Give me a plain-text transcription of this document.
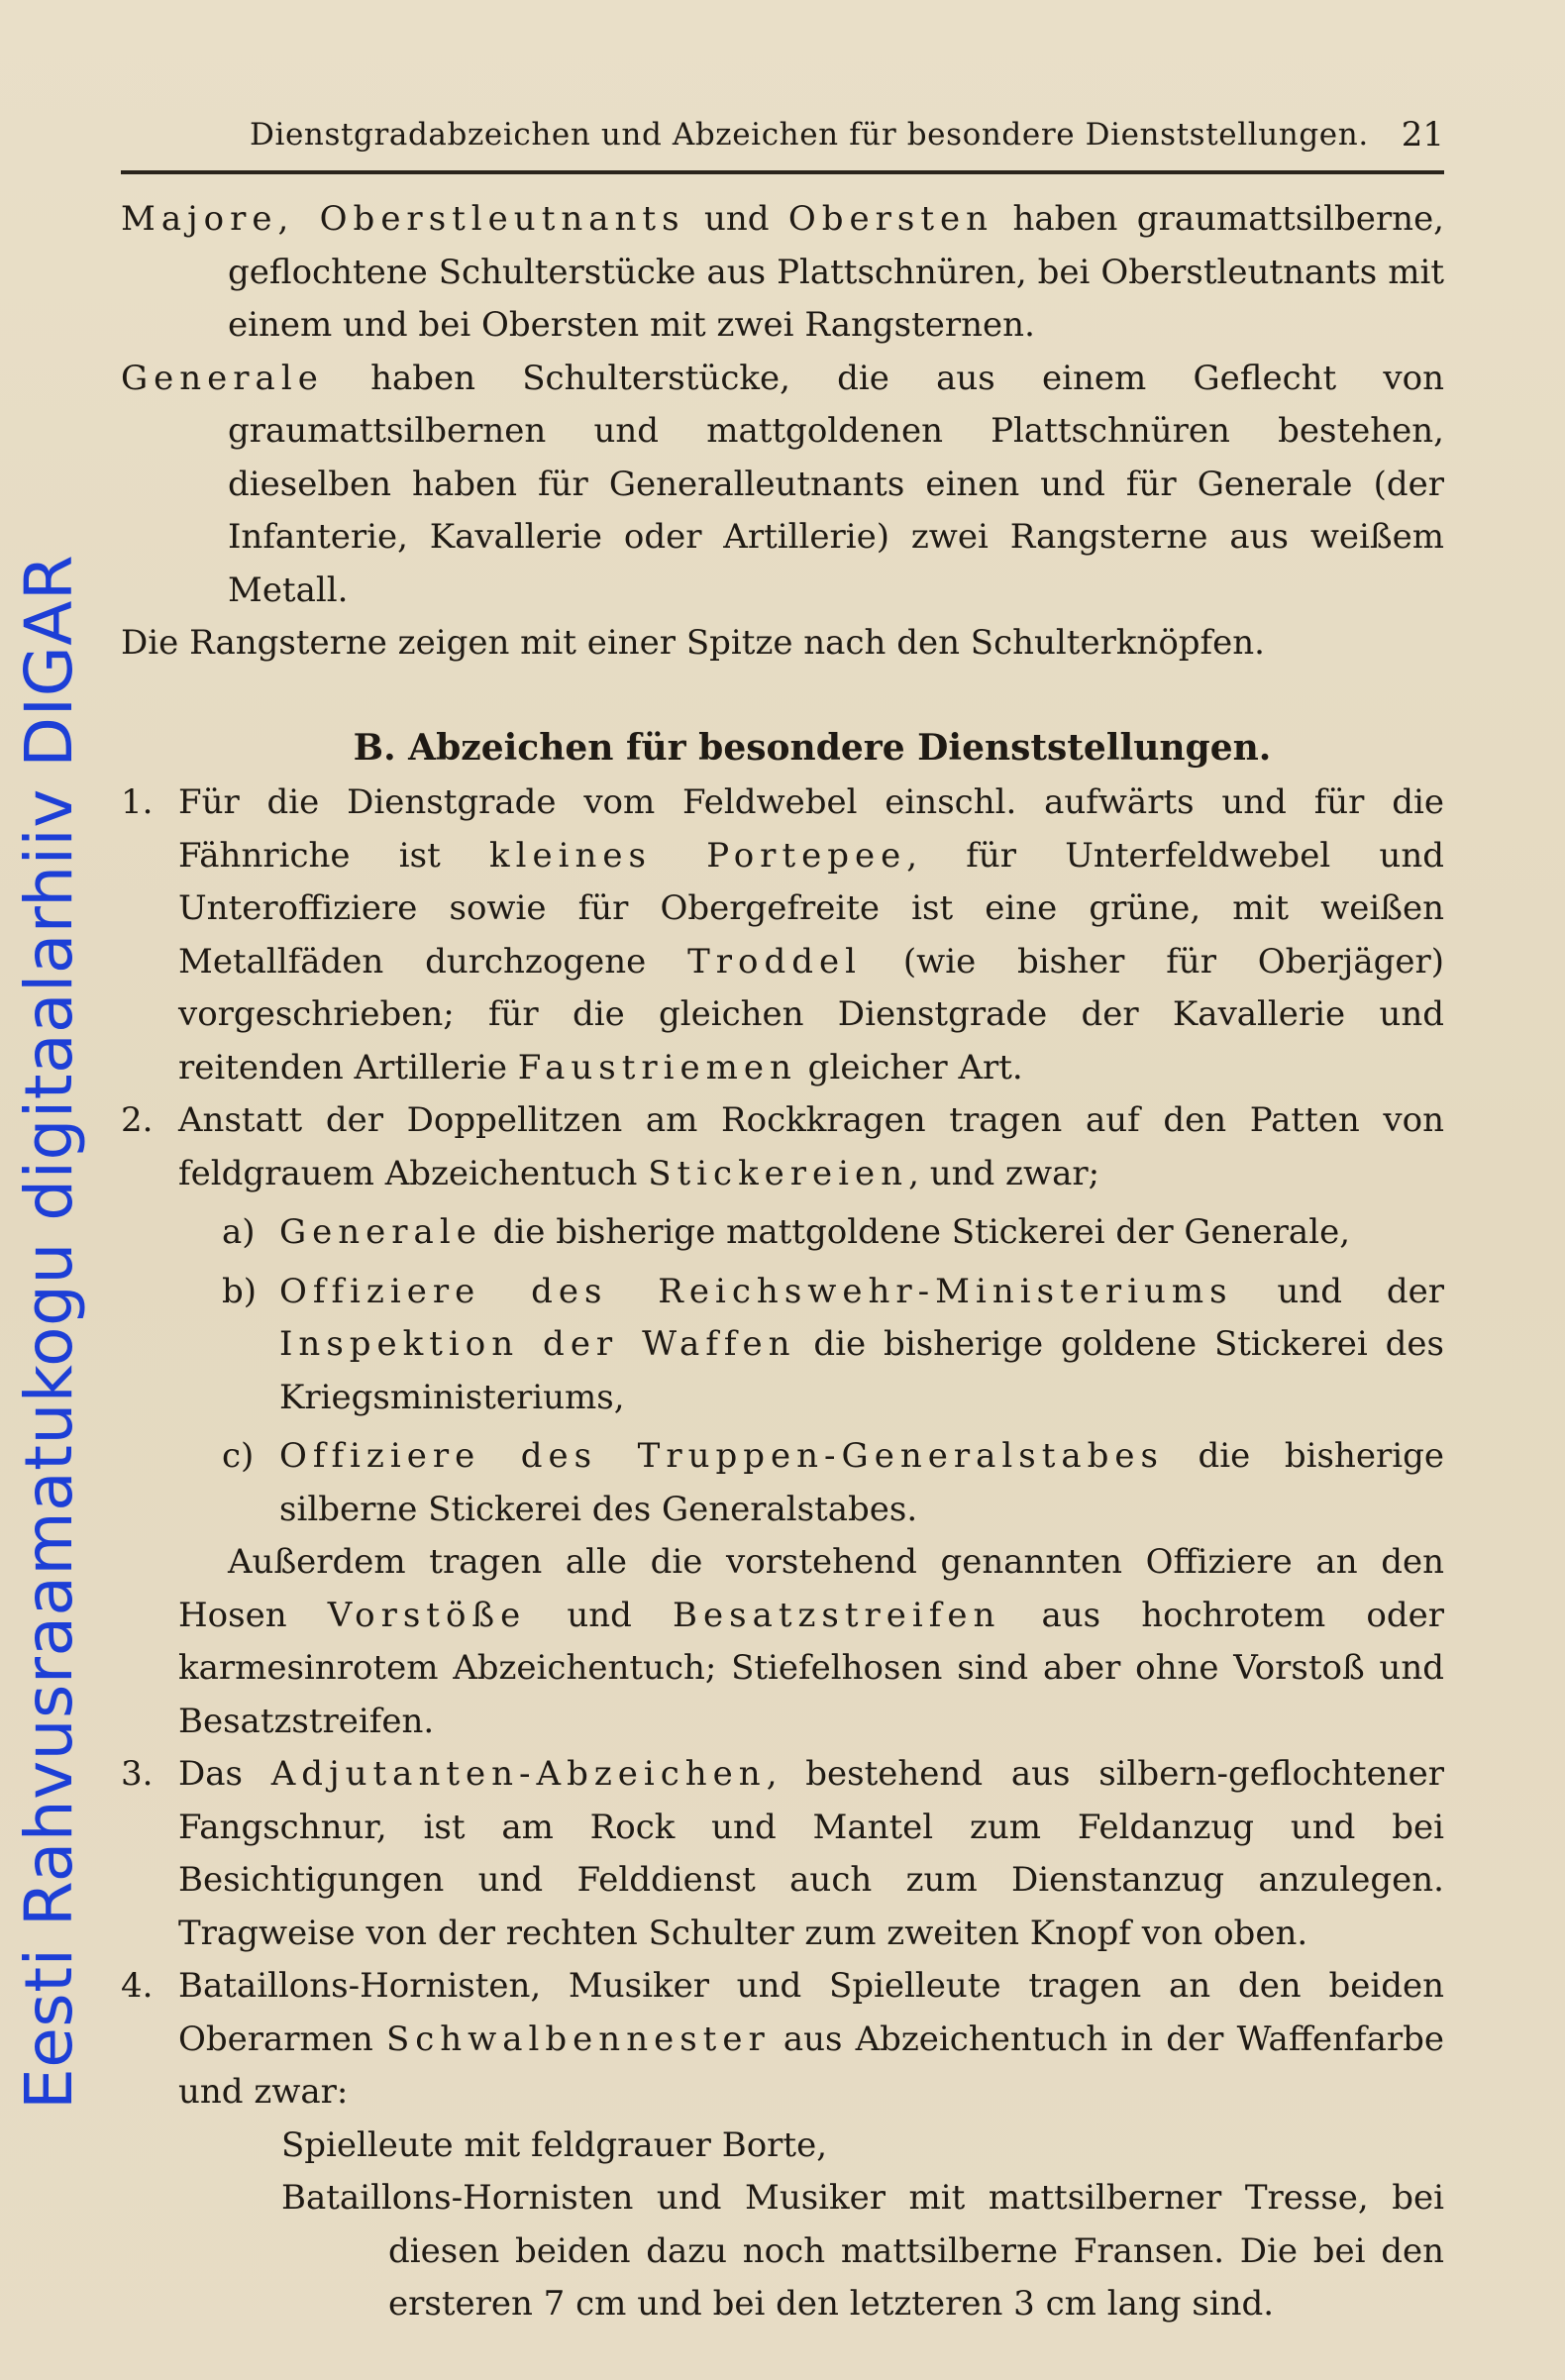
Eesti Rahvusraamatukogu digitaalarhiiv DIGAR
Dienstgradabzeichen und Abzeichen für besondere Dienststellungen. 21
Majore, Oberstleutnants und Obersten haben graumattsilberne, geflochtene Schulterstücke aus Plattschnüren, bei Oberstleutnants mit einem und bei Obersten mit zwei Rangsternen.
Generale haben Schulterstücke, die aus einem Geflecht von graumattsilbernen und mattgoldenen Plattschnüren bestehen, dieselben haben für Generalleutnants einen und für Generale (der Infanterie, Kavallerie oder Artillerie) zwei Rangsterne aus weißem Metall.
Die Rangsterne zeigen mit einer Spitze nach den Schulterknöpfen.
B. Abzeichen für besondere Dienststellungen.
1. Für die Dienstgrade vom Feldwebel einschl. aufwärts und für die Fähnriche ist kleines Portepee, für Unterfeldwebel und Unteroffiziere sowie für Obergefreite ist eine grüne, mit weißen Metallfäden durchzogene Troddel (wie bisher für Oberjäger) vorgeschrieben; für die gleichen Dienstgrade der Kavallerie und reitenden Artillerie Faustriemen gleicher Art.
2. Anstatt der Doppellitzen am Rockkragen tragen auf den Patten von feldgrauem Abzeichentuch Stickereien, und zwar;
a) Generale die bisherige mattgoldene Stickerei der Generale,
b) Offiziere des Reichswehr-Ministeriums und der Inspektion der Waffen die bisherige goldene Stickerei des Kriegsministeriums,
c) Offiziere des Truppen-Generalstabes die bisherige silberne Stickerei des Generalstabes.
Außerdem tragen alle die vorstehend genannten Offiziere an den Hosen Vorstöße und Besatzstreifen aus hochrotem oder karmesinrotem Abzeichentuch; Stiefelhosen sind aber ohne Vorstoß und Besatzstreifen.
3. Das Adjutanten-Abzeichen, bestehend aus silbern-geflochtener Fangschnur, ist am Rock und Mantel zum Feldanzug und bei Besichtigungen und Felddienst auch zum Dienstanzug anzulegen. Tragweise von der rechten Schulter zum zweiten Knopf von oben.
4. Bataillons-Hornisten, Musiker und Spielleute tragen an den beiden Oberarmen Schwalbennester aus Abzeichentuch in der Waffenfarbe und zwar:
Spielleute mit feldgrauer Borte,
Bataillons-Hornisten und Musiker mit mattsilberner Tresse, bei diesen beiden dazu noch mattsilberne Fransen. Die bei den ersteren 7 cm und bei den letzteren 3 cm lang sind.
